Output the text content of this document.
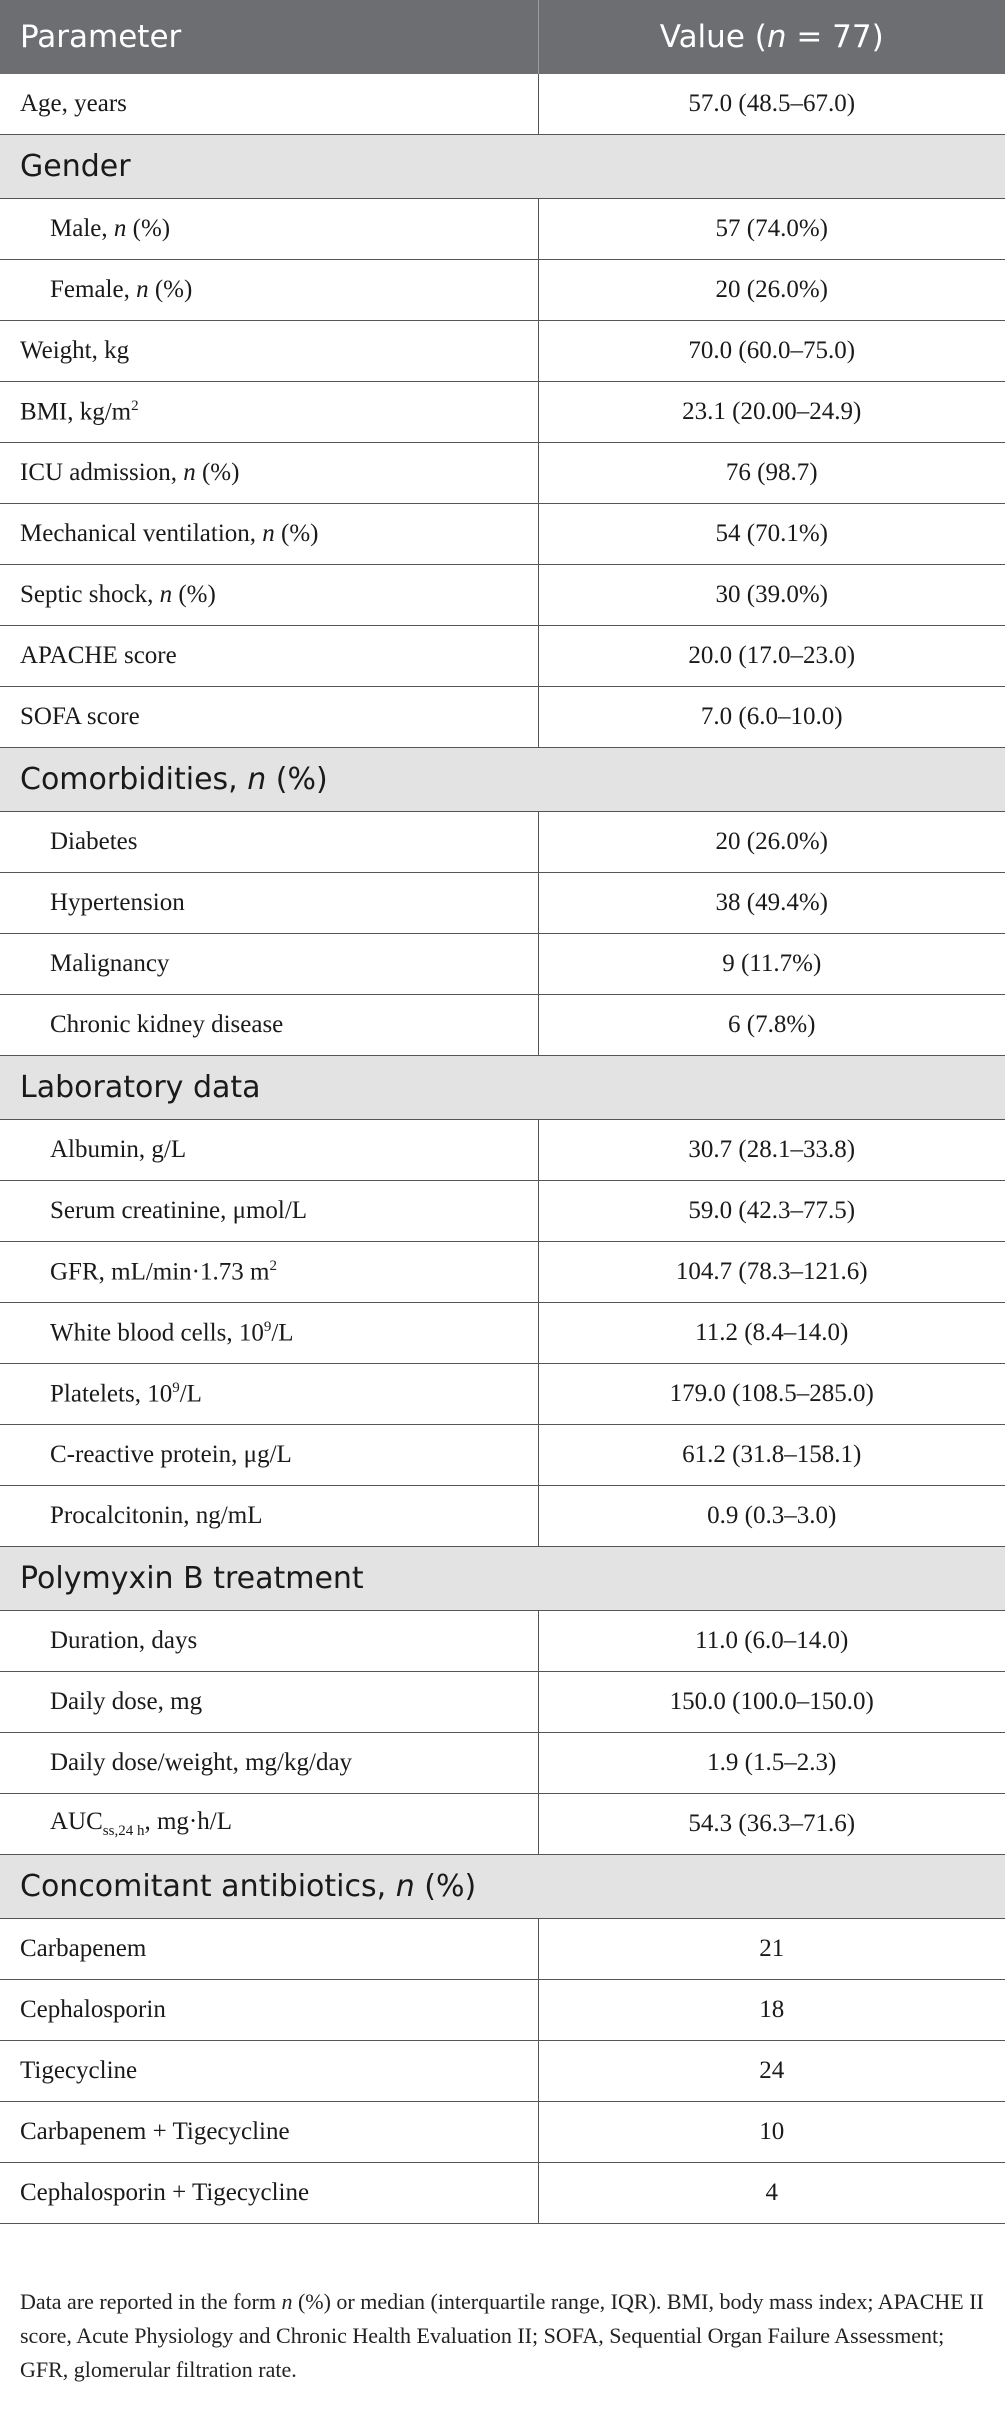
Parameter	Value (n = 77)
Age, years	57.0 (48.5–67.0)
Gender	
Male, n (%)	57 (74.0%)
Female, n (%)	20 (26.0%)
Weight, kg	70.0 (60.0–75.0)
BMI, $kg/m^2$	23.1 (20.00–24.9)
ICU admission, n (%)	76 (98.7)
Mechanical ventilation, n (%)	54 (70.1%)
Septic shock, n (%)	30 (39.0%)
APACHE score	20.0 (17.0–23.0)
SOFA score	7.0 (6.0–10.0)
Comorbidities, n (%)	
Diabetes	20 (26.0%)
Hypertension	38 (49.4%)
Malignancy	9 (11.7%)
Chronic kidney disease	6 (7.8%)
Laboratory data	
Albumin, g/L	30.7 (28.1–33.8)
Serum creatinine, μmol/L	59.0 (42.3–77.5)
GFR, mL/min·1.73 $m^2$	104.7 (78.3–121.6)
White blood cells, $10^9/L$	11.2 (8.4–14.0)
Platelets, $10^9/L$	179.0 (108.5–285.0)
C-reactive protein, μg/L	61.2 (31.8–158.1)
Procalcitonin, ng/mL	0.9 (0.3–3.0)
Polymyxin B treatment	
Duration, days	11.0 (6.0–14.0)
Daily dose, mg	150.0 (100.0–150.0)
Daily dose/weight, mg/kg/day	1.9 (1.5–2.3)
$AUC_{ss,24 h}$, mg·h/L	54.3 (36.3–71.6)
Concomitant antibiotics, n (%)	
Carbapenem	21
Cephalosporin	18
Tigecycline	24
Carbapenem + Tigecycline	10
Cephalosporin + Tigecycline	4
Data are reported in the form n (%) or median (interquartile range, IQR). BMI, body mass index; APACHE II score, Acute Physiology and Chronic Health Evaluation II; SOFA, Sequential Organ Failure Assessment; GFR, glomerular filtration rate.
